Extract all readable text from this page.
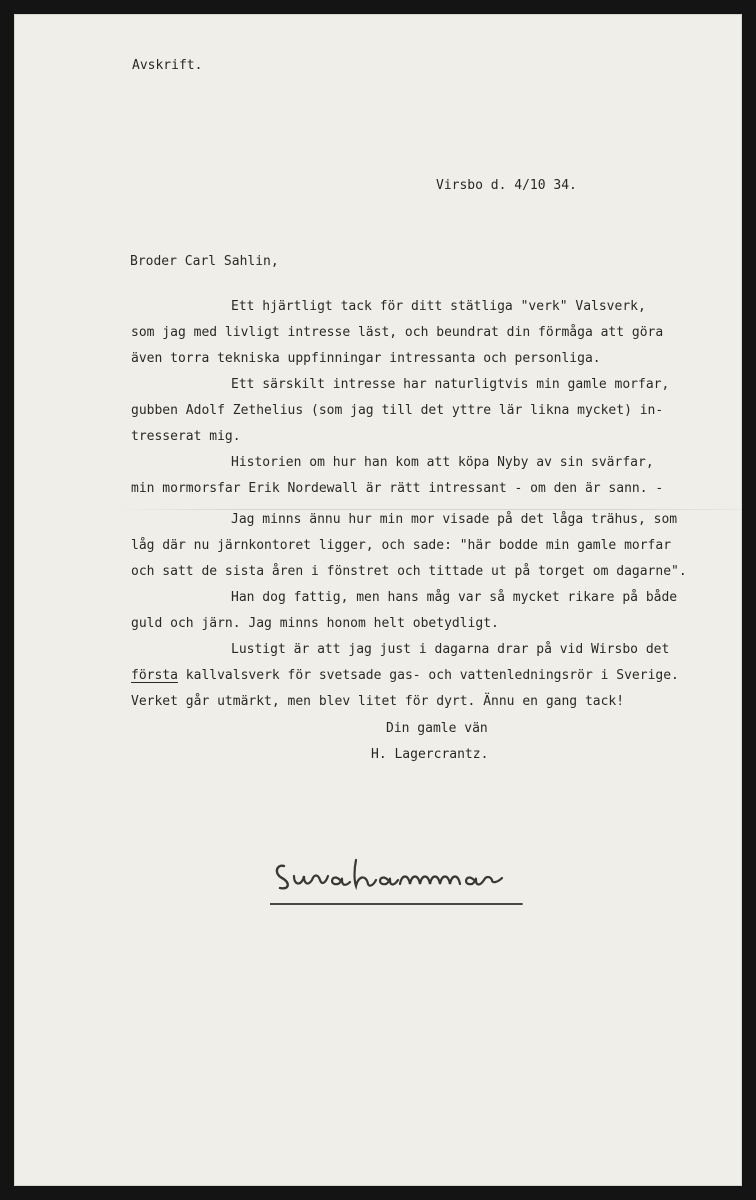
Avskrift.
Virsbo d. 4/10 34.
Broder Carl Sahlin,
Ett hjärtligt tack för ditt stätliga "verk" Valsverk,
som jag med livligt intresse läst, och beundrat din förmåga att göra
även torra tekniska uppfinningar intressanta och personliga.
Ett särskilt intresse har naturligtvis min gamle morfar,
gubben Adolf Zethelius (som jag till det yttre lär likna mycket) in-
tresserat mig.
Historien om hur han kom att köpa Nyby av sin svärfar,
min mormorsfar Erik Nordewall är rätt intressant - om den är sann. -
Jag minns ännu hur min mor visade på det låga trähus, som
låg där nu järnkontoret ligger, och sade: "här bodde min gamle morfar
och satt de sista åren i fönstret och tittade ut på torget om dagarne".
Han dog fattig, men hans måg var så mycket rikare på både
guld och järn. Jag minns honom helt obetydligt.
Lustigt är att jag just i dagarna drar på vid Wirsbo det
första kallvalsverk för svetsade gas- och vattenledningsrör i Sverige.
Verket går utmärkt, men blev litet för dyrt. Ännu en gang tack!
Din gamle vän
H. Lagercrantz.
